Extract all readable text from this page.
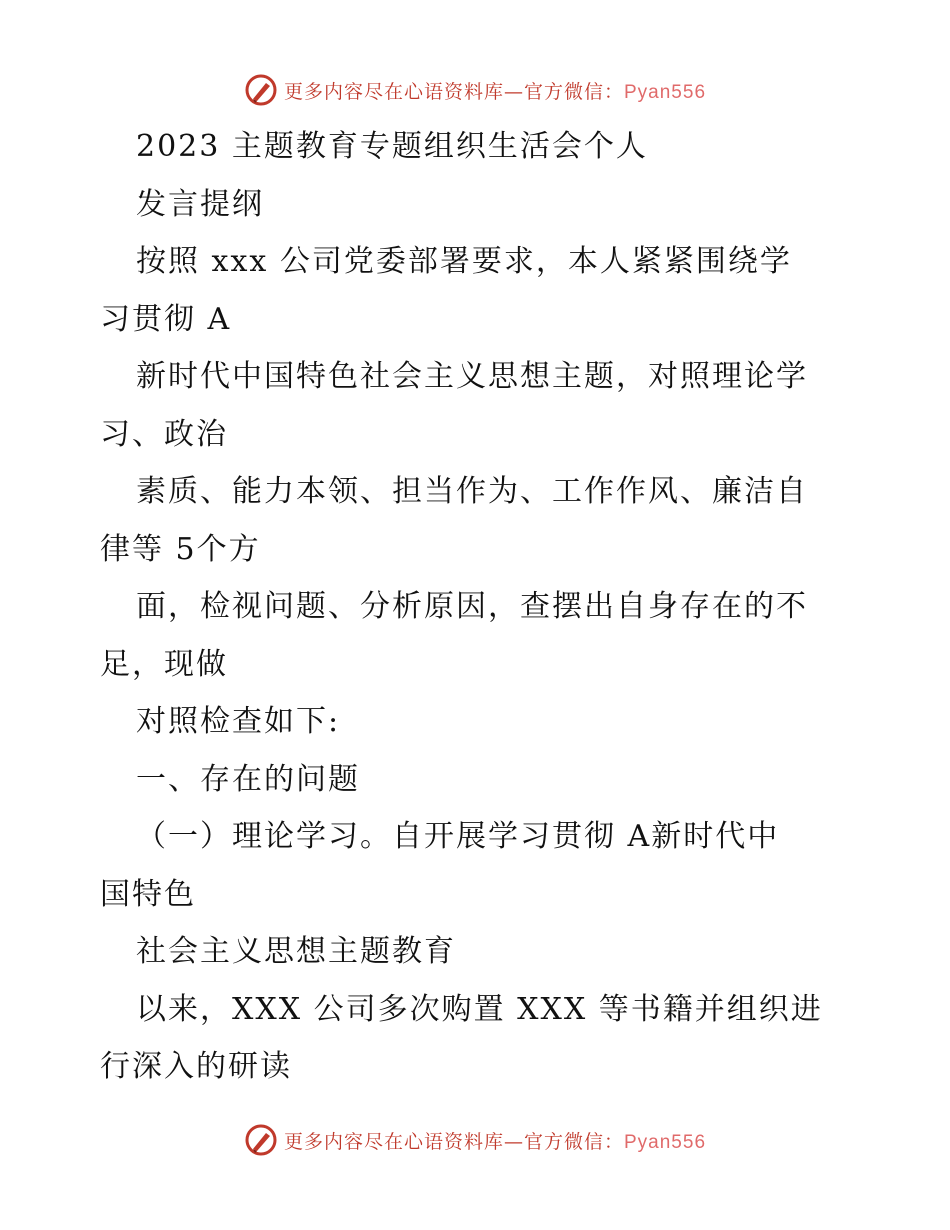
更多内容尽在心语资料库—官方微信：Pyan556
2023 主题教育专题组织生活会个人
发言提纲
按照 xxx 公司党委部署要求，本人紧紧围绕学
习贯彻 A
新时代中国特色社会主义思想主题，对照理论学
习、政治
素质、能力本领、担当作为、工作作风、廉洁自
律等 5个方
面，检视问题、分析原因，查摆出自身存在的不
足，现做
对照检查如下:
一、存在的问题
（一）理论学习。自开展学习贯彻 A新时代中
国特色
社会主义思想主题教育
以来，XXX 公司多次购置 XXX 等书籍并组织进
行深入的研读
更多内容尽在心语资料库—官方微信：Pyan556
